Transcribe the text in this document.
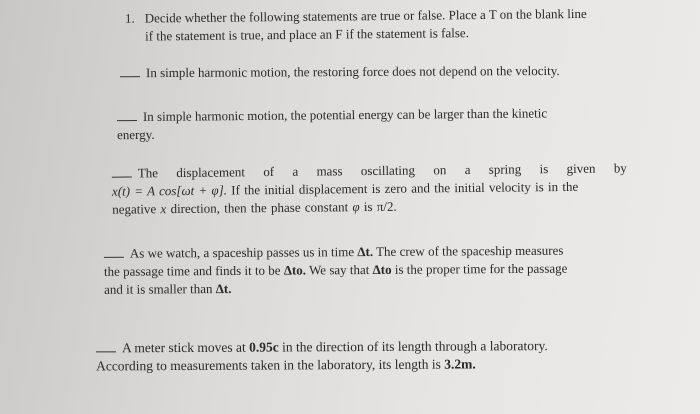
1. Decide whether the following statements are true or false. Place a T on the blank line
if the statement is true, and place an F if the statement is false.
In simple harmonic motion, the restoring force does not depend on the velocity.
In simple harmonic motion, the potential energy can be larger than the kinetic
energy.
The displacement of a mass oscillating on a spring is given by
x(t) = A cos[ωt + φ]. If the initial displacement is zero and the initial velocity is in the
negative x direction, then the phase constant φ is π/2.
As we watch, a spaceship passes us in time Δt. The crew of the spaceship measures
the passage time and finds it to be Δto. We say that Δto is the proper time for the passage
and it is smaller than Δt.
A meter stick moves at 0.95c in the direction of its length through a laboratory.
According to measurements taken in the laboratory, its length is 3.2m.
